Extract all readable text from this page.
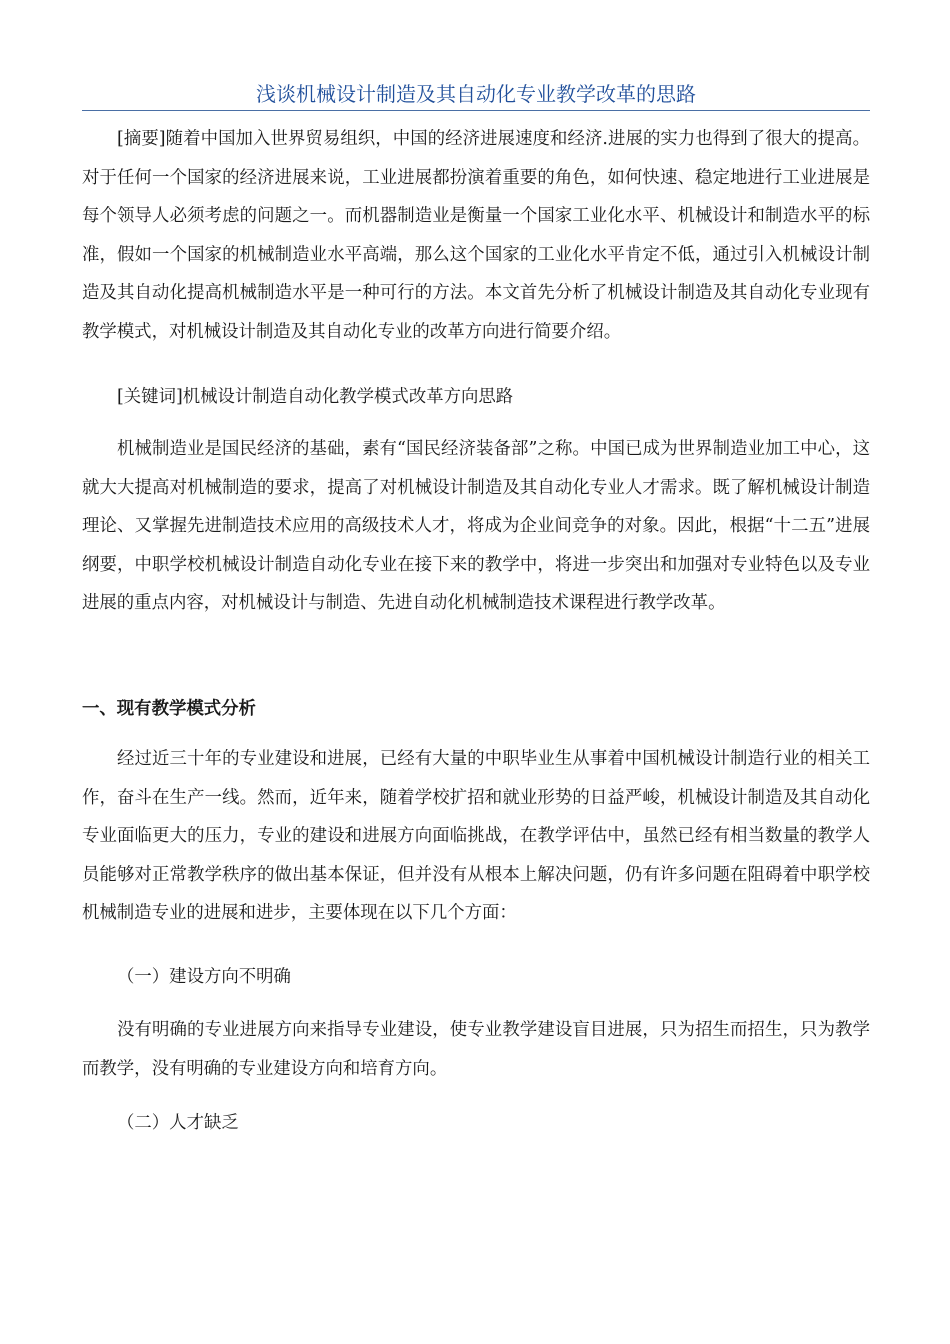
浅谈机械设计制造及其自动化专业教学改革的思路

[摘要]随着中国加入世界贸易组织，中国的经济进展速度和经济.进展的实力也得到了很大的提高。对于任何一个国家的经济进展来说，工业进展都扮演着重要的角色，如何快速、稳定地进行工业进展是每个领导人必须考虑的问题之一。而机器制造业是衡量一个国家工业化水平、机械设计和制造水平的标准，假如一个国家的机械制造业水平高端，那么这个国家的工业化水平肯定不低，通过引入机械设计制造及其自动化提高机械制造水平是一种可行的方法。本文首先分析了机械设计制造及其自动化专业现有教学模式，对机械设计制造及其自动化专业的改革方向进行简要介绍。

[关键词]机械设计制造自动化教学模式改革方向思路

机械制造业是国民经济的基础，素有“国民经济装备部”之称。中国已成为世界制造业加工中心，这就大大提高对机械制造的要求，提高了对机械设计制造及其自动化专业人才需求。既了解机械设计制造理论、又掌握先进制造技术应用的高级技术人才，将成为企业间竞争的对象。因此，根据“十二五”进展纲要，中职学校机械设计制造自动化专业在接下来的教学中，将进一步突出和加强对专业特色以及专业进展的重点内容，对机械设计与制造、先进自动化机械制造技术课程进行教学改革。

一、现有教学模式分析

经过近三十年的专业建设和进展，已经有大量的中职毕业生从事着中国机械设计制造行业的相关工作，奋斗在生产一线。然而，近年来，随着学校扩招和就业形势的日益严峻，机械设计制造及其自动化专业面临更大的压力，专业的建设和进展方向面临挑战，在教学评估中，虽然已经有相当数量的教学人员能够对正常教学秩序的做出基本保证，但并没有从根本上解决问题，仍有许多问题在阻碍着中职学校机械制造专业的进展和进步，主要体现在以下几个方面：

（一）建设方向不明确

没有明确的专业进展方向来指导专业建设，使专业教学建设盲目进展，只为招生而招生，只为教学而教学，没有明确的专业建设方向和培育方向。

（二）人才缺乏
